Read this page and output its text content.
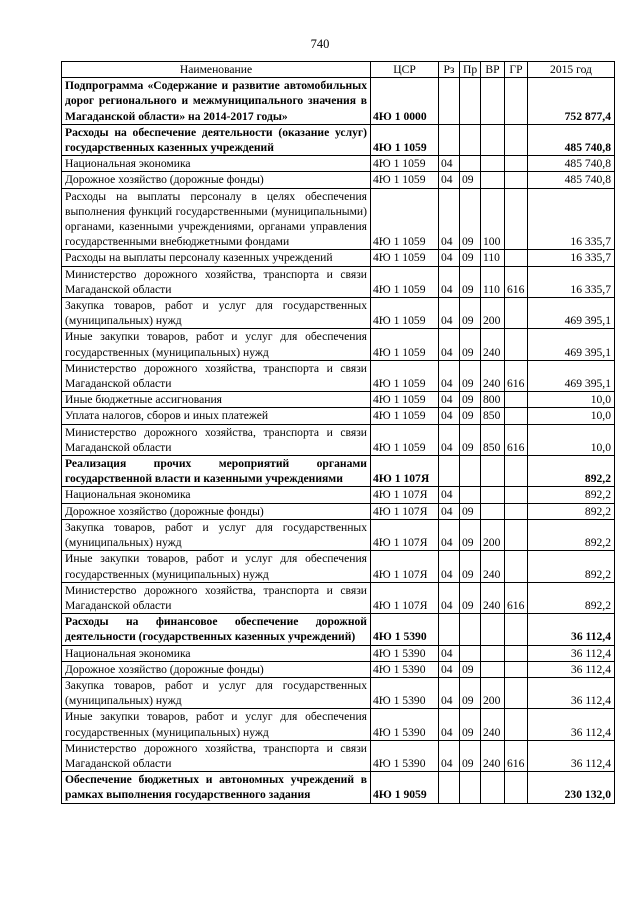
740
Наименование	ЦСР	Рз	Пр	ВР	ГР	2015 год
Подпрограмма «Содержание и развитие автомобильных дорог регионального и межмуниципального значения в Магаданской области» на 2014-2017 годы»	4Ю 1 0000					752 877,4
Расходы на обеспечение деятельности (оказание услуг) государственных казенных учреждений	4Ю 1 1059					485 740,8
Национальная экономика	4Ю 1 1059	04				485 740,8
Дорожное хозяйство (дорожные фонды)	4Ю 1 1059	04	09			485 740,8
Расходы на выплаты персоналу в целях обеспечения выполнения функций государственными (муниципальными) органами, казенными учреждениями, органами управления государственными внебюджетными фондами	4Ю 1 1059	04	09	100		16 335,7
Расходы на выплаты персоналу казенных учреждений	4Ю 1 1059	04	09	110		16 335,7
Министерство дорожного хозяйства, транспорта и связи Магаданской области	4Ю 1 1059	04	09	110	616	16 335,7
Закупка товаров, работ и услуг для государственных (муниципальных) нужд	4Ю 1 1059	04	09	200		469 395,1
Иные закупки товаров, работ и услуг для обеспечения государственных (муниципальных) нужд	4Ю 1 1059	04	09	240		469 395,1
Министерство дорожного хозяйства, транспорта и связи Магаданской области	4Ю 1 1059	04	09	240	616	469 395,1
Иные бюджетные ассигнования	4Ю 1 1059	04	09	800		10,0
Уплата налогов, сборов и иных платежей	4Ю 1 1059	04	09	850		10,0
Министерство дорожного хозяйства, транспорта и связи Магаданской области	4Ю 1 1059	04	09	850	616	10,0
Реализация прочих мероприятий органами государственной власти и казенными учреждениями	4Ю 1 107Я					892,2
Национальная экономика	4Ю 1 107Я	04				892,2
Дорожное хозяйство (дорожные фонды)	4Ю 1 107Я	04	09			892,2
Закупка товаров, работ и услуг для государственных (муниципальных) нужд	4Ю 1 107Я	04	09	200		892,2
Иные закупки товаров, работ и услуг для обеспечения государственных (муниципальных) нужд	4Ю 1 107Я	04	09	240		892,2
Министерство дорожного хозяйства, транспорта и связи Магаданской области	4Ю 1 107Я	04	09	240	616	892,2
Расходы на финансовое обеспечение дорожной деятельности (государственных казенных учреждений)	4Ю 1 5390					36 112,4
Национальная экономика	4Ю 1 5390	04				36 112,4
Дорожное хозяйство (дорожные фонды)	4Ю 1 5390	04	09			36 112,4
Закупка товаров, работ и услуг для государственных (муниципальных) нужд	4Ю 1 5390	04	09	200		36 112,4
Иные закупки товаров, работ и услуг для обеспечения государственных (муниципальных) нужд	4Ю 1 5390	04	09	240		36 112,4
Министерство дорожного хозяйства, транспорта и связи Магаданской области	4Ю 1 5390	04	09	240	616	36 112,4
Обеспечение бюджетных и автономных учреждений в рамках выполнения государственного задания	4Ю 1 9059					230 132,0
